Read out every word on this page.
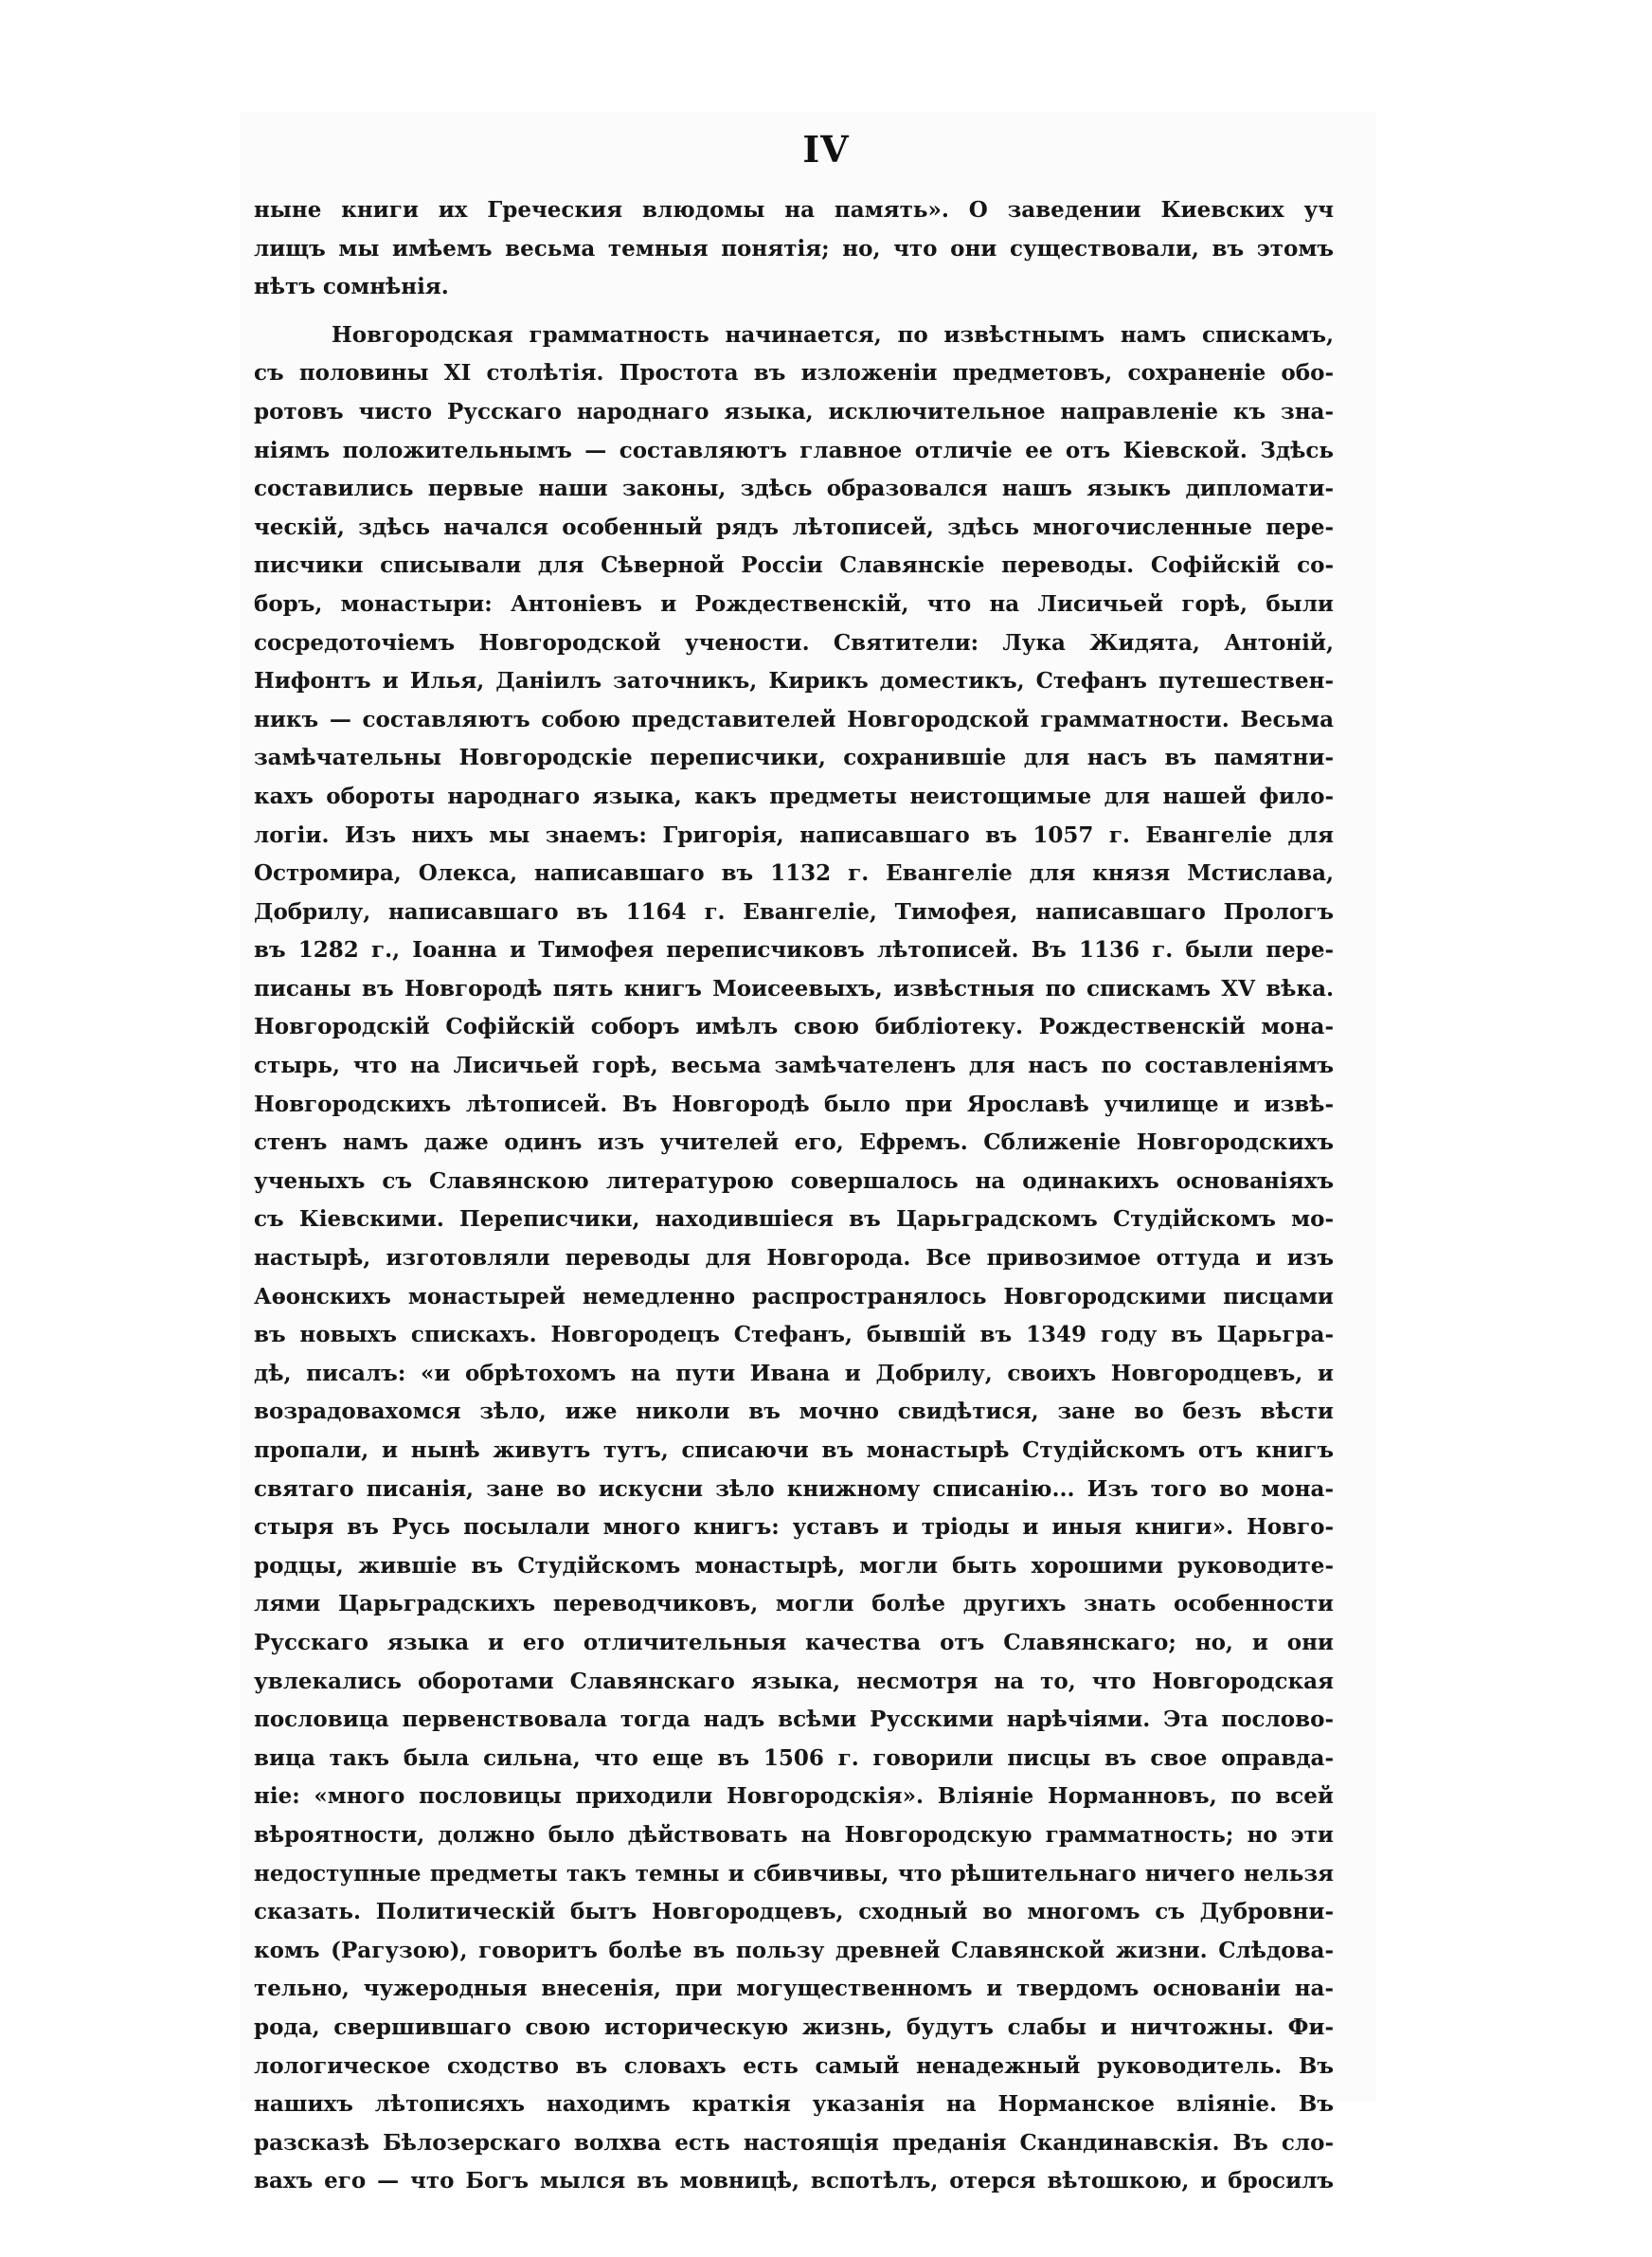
IV
ныне книги их Греческия влюдомы на память». О заведении Киевских уч
лищъ мы имѣемъ весьма темныя понятія; но, что они существовали, въ этомъ
нѣтъ сомнѣнія.
Новгородская грамматность начинается, по извѣстнымъ намъ спискамъ,
съ половины XI столѣтія. Простота въ изложеніи предметовъ, сохраненіе обо-
ротовъ чисто Русскаго народнаго языка, исключительное направленіе къ зна-
ніямъ положительнымъ — составляютъ главное отличіе ее отъ Кіевской. Здѣсь
составились первые наши законы, здѣсь образовался нашъ языкъ дипломати-
ческій, здѣсь начался особенный рядъ лѣтописей, здѣсь многочисленные пере-
писчики списывали для Сѣверной Россіи Славянскіе переводы. Софійскій со-
боръ, монастыри: Антоніевъ и Рождественскій, что на Лисичьей горѣ, были
сосредоточіемъ Новгородской учености. Святители: Лука Жидята, Антоній,
Нифонтъ и Илья, Даніилъ заточникъ, Кирикъ доместикъ, Стефанъ путешествен-
никъ — составляютъ собою представителей Новгородской грамматности. Весьма
замѣчательны Новгородскіе переписчики, сохранившіе для насъ въ памятни-
кахъ обороты народнаго языка, какъ предметы неистощимые для нашей фило-
логіи. Изъ нихъ мы знаемъ: Григорія, написавшаго въ 1057 г. Евангеліе для
Остромира, Олекса, написавшаго въ 1132 г. Евангеліе для князя Мстислава,
Добрилу, написавшаго въ 1164 г. Евангеліе, Тимофея, написавшаго Прологъ
въ 1282 г., Іоанна и Тимофея переписчиковъ лѣтописей. Въ 1136 г. были пере-
писаны въ Новгородѣ пять книгъ Моисеевыхъ, извѣстныя по спискамъ XV вѣка.
Новгородскій Софійскій соборъ имѣлъ свою библіотеку. Рождественскій мона-
стырь, что на Лисичьей горѣ, весьма замѣчателенъ для насъ по составленіямъ
Новгородскихъ лѣтописей. Въ Новгородѣ было при Ярославѣ училище и извѣ-
стенъ намъ даже одинъ изъ учителей его, Ефремъ. Сближеніе Новгородскихъ
ученыхъ съ Славянскою литературою совершалось на одинакихъ основаніяхъ
съ Кіевскими. Переписчики, находившіеся въ Царьградскомъ Студійскомъ мо-
настырѣ, изготовляли переводы для Новгорода. Все привозимое оттуда и изъ
Аѳонскихъ монастырей немедленно распространялось Новгородскими писцами
въ новыхъ спискахъ. Новгородецъ Стефанъ, бывшій въ 1349 году въ Царьгра-
дѣ, писалъ: «и обрѣтохомъ на пути Ивана и Добрилу, своихъ Новгородцевъ, и
возрадовахомся зѣло, иже николи въ мочно свидѣтися, зане во безъ вѣсти
пропали, и нынѣ живутъ тутъ, списаючи въ монастырѣ Студійскомъ отъ книгъ
святаго писанія, зане во искусни зѣло книжному списанію... Изъ того во мона-
стыря въ Русь посылали много книгъ: уставъ и тріоды и иныя книги». Новго-
родцы, жившіе въ Студійскомъ монастырѣ, могли быть хорошими руководите-
лями Царьградскихъ переводчиковъ, могли болѣе другихъ знать особенности
Русскаго языка и его отличительныя качества отъ Славянскаго; но, и они
увлекались оборотами Славянскаго языка, несмотря на то, что Новгородская
пословица первенствовала тогда надъ всѣми Русскими нарѣчіями. Эта послово-
вица такъ была сильна, что еще въ 1506 г. говорили писцы въ свое оправда-
ніе: «много пословицы приходили Новгородскія». Вліяніе Норманновъ, по всей
вѣроятности, должно было дѣйствовать на Новгородскую грамматность; но эти
недоступные предметы такъ темны и сбивчивы, что рѣшительнаго ничего нельзя
сказать. Политическій бытъ Новгородцевъ, сходный во многомъ съ Дубровни-
комъ (Рагузою), говоритъ болѣе въ пользу древней Славянской жизни. Слѣдова-
тельно, чужеродныя внесенія, при могущественномъ и твердомъ основаніи на-
рода, свершившаго свою историческую жизнь, будутъ слабы и ничтожны. Фи-
лологическое сходство въ словахъ есть самый ненадежный руководитель. Въ
нашихъ лѣтописяхъ находимъ краткія указанія на Норманское вліяніе. Въ
разсказѣ Бѣлозерскаго волхва есть настоящія преданія Скандинавскія. Въ сло-
вахъ его — что Богъ мылся въ мовницѣ, вспотѣлъ, отерся вѣтошкою, и бросилъ
